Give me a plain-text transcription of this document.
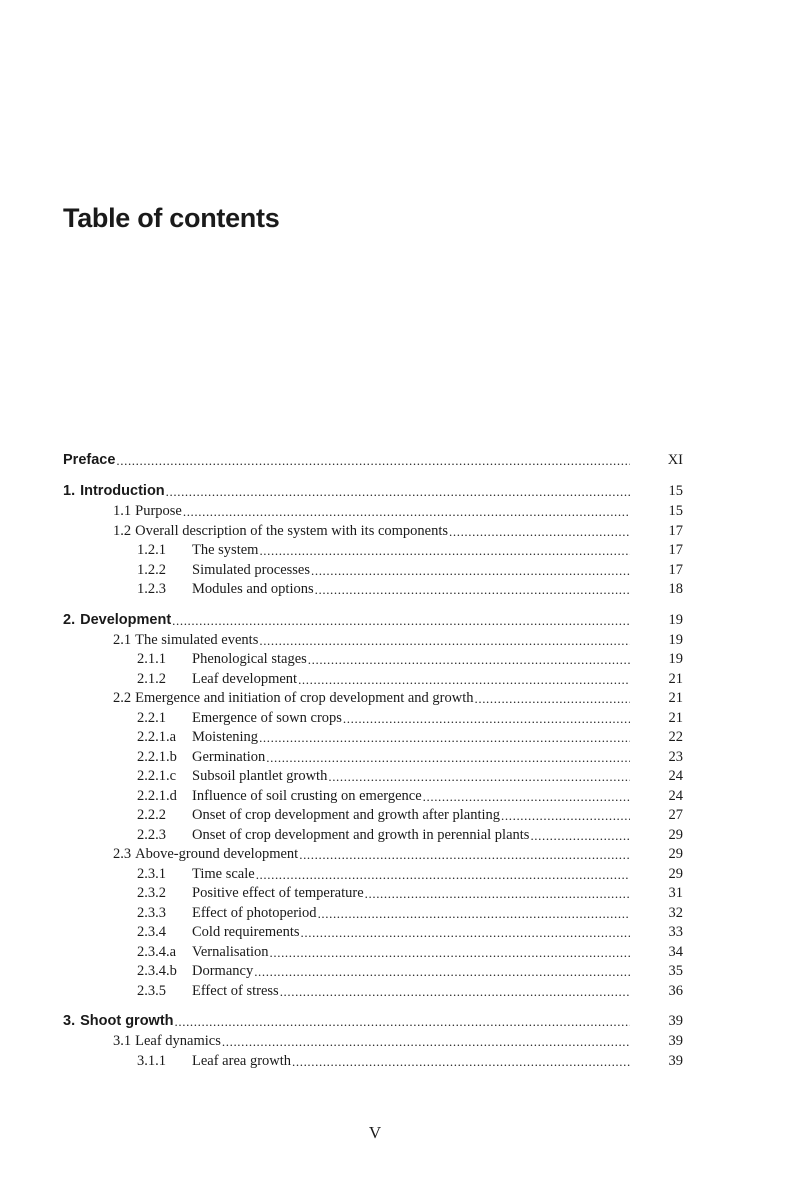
Table of contents
Preface .....	XI
1. Introduction .....	15
1.1 Purpose .....	15
1.2 Overall description of the system with its components .....	17
1.2.1	The system .....	17
1.2.2	Simulated processes .....	17
1.2.3	Modules and options .....	18
2. Development .....	19
2.1 The simulated events .....	19
2.1.1	Phenological stages .....	19
2.1.2	Leaf development .....	21
2.2 Emergence and initiation of crop development and growth .....	21
2.2.1	Emergence of sown crops .....	21
2.2.1.a	Moistening .....	22
2.2.1.b	Germination .....	23
2.2.1.c	Subsoil plantlet growth .....	24
2.2.1.d	Influence of soil crusting on emergence .....	24
2.2.2	Onset of crop development and growth after planting .....	27
2.2.3	Onset of crop development and growth in perennial plants .....	29
2.3 Above-ground development .....	29
2.3.1	Time scale .....	29
2.3.2	Positive effect of temperature .....	31
2.3.3	Effect of photoperiod .....	32
2.3.4	Cold requirements .....	33
2.3.4.a	Vernalisation .....	34
2.3.4.b	Dormancy .....	35
2.3.5	Effect of stress .....	36
3. Shoot growth .....	39
3.1 Leaf dynamics .....	39
3.1.1	Leaf area growth .....	39
V
